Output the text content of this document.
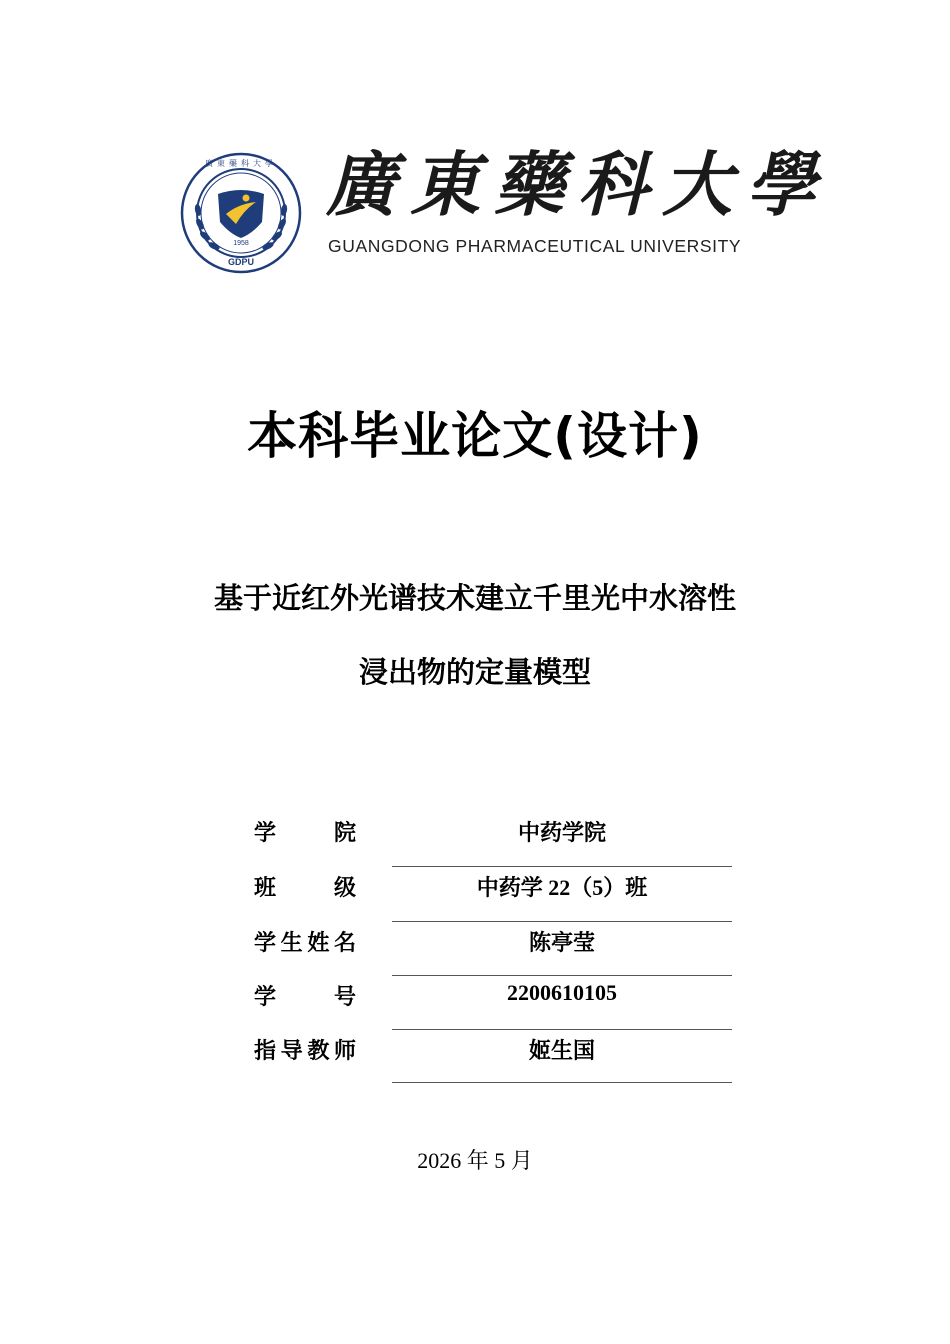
1958
GDPU
廣東藥科大學 廣東藥科大學
GUANGDONG PHARMACEUTICAL UNIVERSITY
本科毕业论文(设计)
基于近红外光谱技术建立千里光中水溶性
浸出物的定量模型
学 院	中药学院
班 级	中药学 22（5）班
学生姓名	陈亭莹
学 号	2200610105
指导教师	姬生国
2026 年 5 月
